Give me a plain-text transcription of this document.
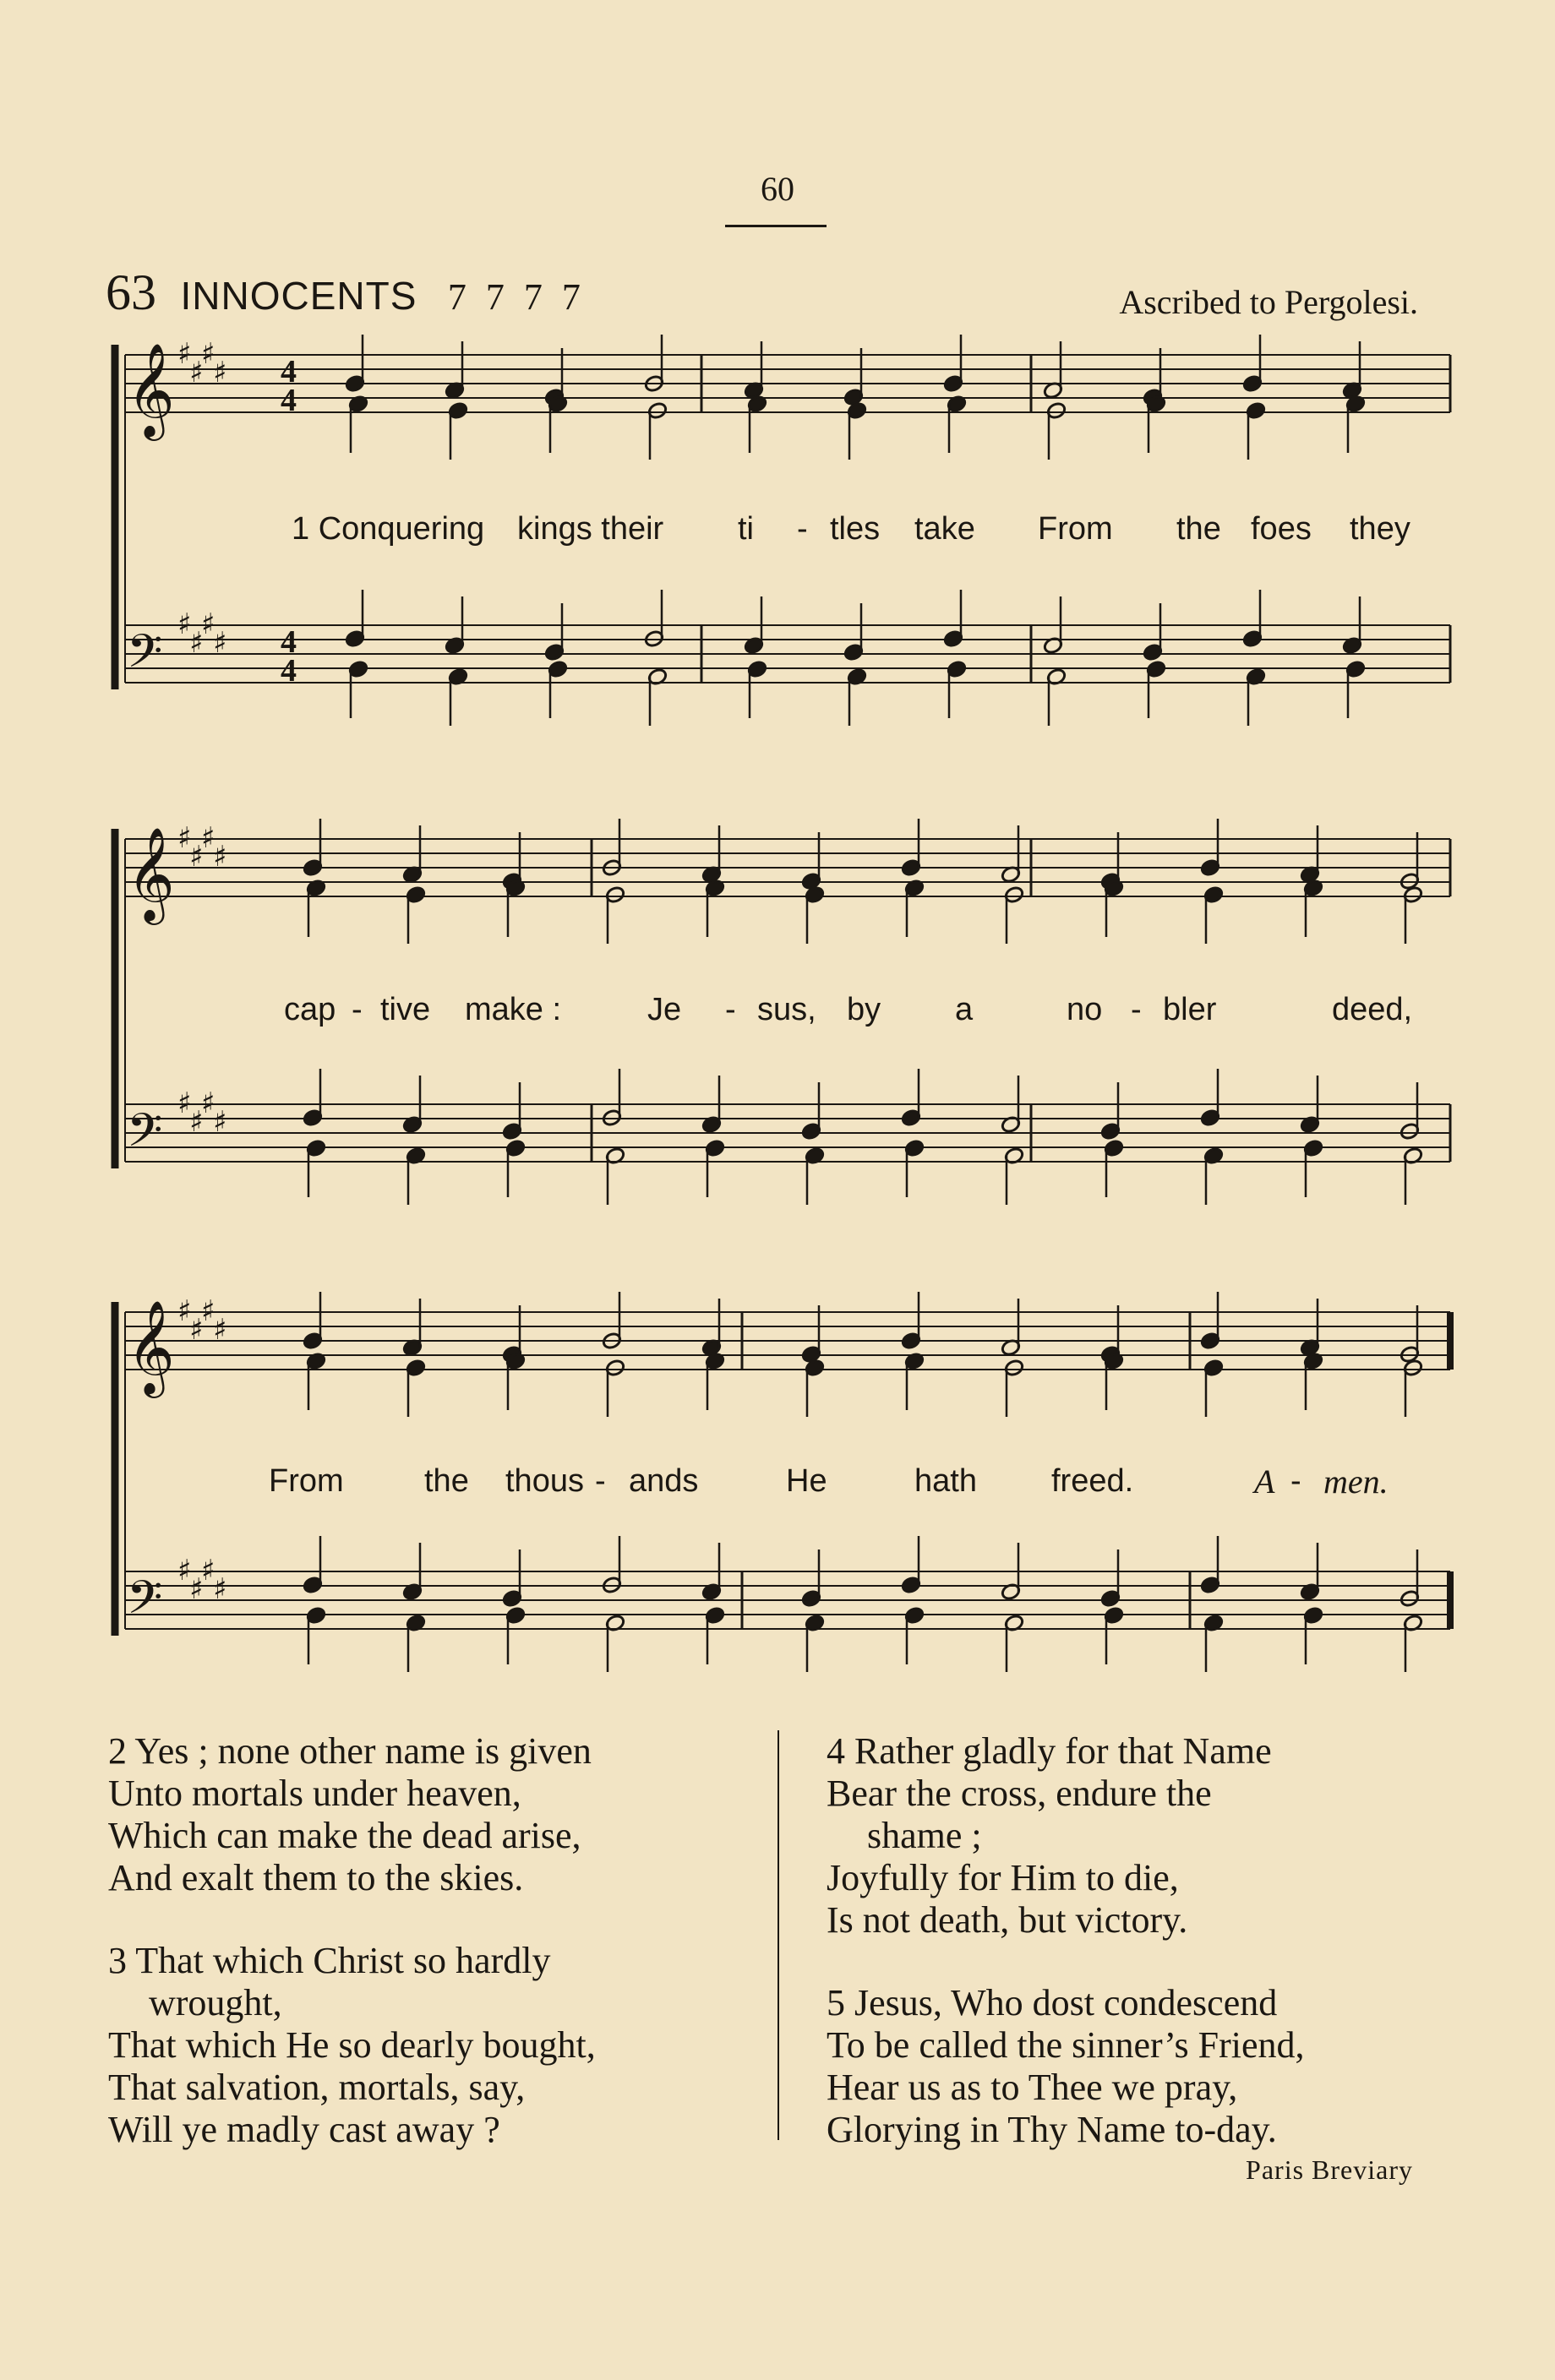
60
63 INNOCENTS 7 7 7 7	Ascribed to Pergolesi.
𝄞 ♯
♯
♯
♯
𝄢 ♯
♯
♯
♯
4
4
4
4
𝄞 ♯
♯
♯
♯
𝄢 ♯
♯
♯
♯
𝄞 ♯
♯
♯
♯
𝄢 ♯
♯
♯
♯
1 Conquering kings their ti - tles take From the foes they
cap - tive make :	Je - sus, by a	no - bler	deed,
From	the thous - ands	He	hath freed.	A - men.
2 Yes ; none other name is given
Unto mortals under heaven,
Which can make the dead arise,
And exalt them to the skies.
3 That which Christ so hardly
wrought,
That which He so dearly bought,
That salvation, mortals, say,
Will ye madly cast away ?
4 Rather gladly for that Name
Bear the cross, endure the
shame ;
Joyfully for Him to die,
Is not death, but victory.
5 Jesus, Who dost condescend
To be called the sinner’s Friend,
Hear us as to Thee we pray,
Glorying in Thy Name to-day.
Paris Breviary
